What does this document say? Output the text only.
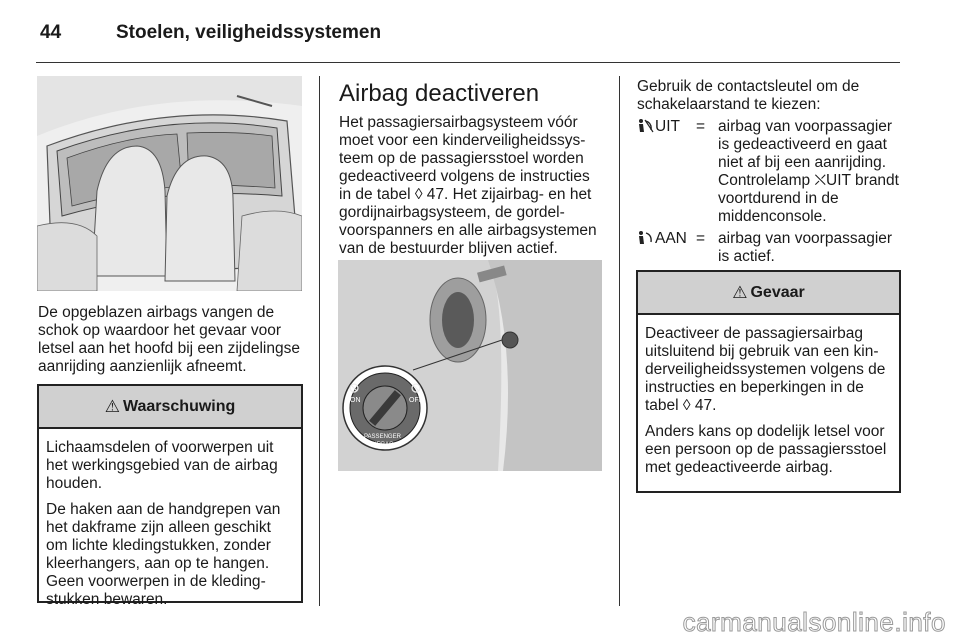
44	Stoelen, veiligheidssystemen
De opgeblazen airbags vangen de schok op waardoor het gevaar voor letsel aan het hoofd bij een zijdelingse aanrijding aanzienlijk afneemt.
⚠ Waarschuwing

Lichaamsdelen of voorwerpen uit het werkingsgebied van de airbag houden.

De haken aan de handgrepen van het dakframe zijn alleen geschikt om lichte kledingstukken, zonder kleerhangers, aan op te hangen. Geen voorwerpen in de kledingstukken bewaren.

Airbag deactiveren

Het passagiersairbagsysteem vóór moet voor een kinderveiligheidssysteem op de passagiersstoel worden gedeactiveerd volgens de instructies in de tabel ◊ 47. Het zijairbag- en het gordijnairbagsysteem, de gordelvoorspanners en alle airbagsystemen van de bestuurder blijven actief.

ON	OFF
PASSENGER
AIRBAG
Gebruik de contactsleutel om de schakelaarstand te kiezen:
UIT = airbag van voorpassagier is gedeactiveerd en gaat niet af bij een aanrijding. Controlelamp ⛌UIT brandt voortdurend in de middenconsole.
AAN = airbag van voorpassagier is actief.
⚠ Gevaar

Deactiveer de passagiersairbag uitsluitend bij gebruik van een kinderveiligheidssystemen volgens de instructies en beperkingen in de tabel ◊ 47.

Anders kans op dodelijk letsel voor een persoon op de passagiersstoel met gedeactiveerde airbag.

carmanualsonline.info
